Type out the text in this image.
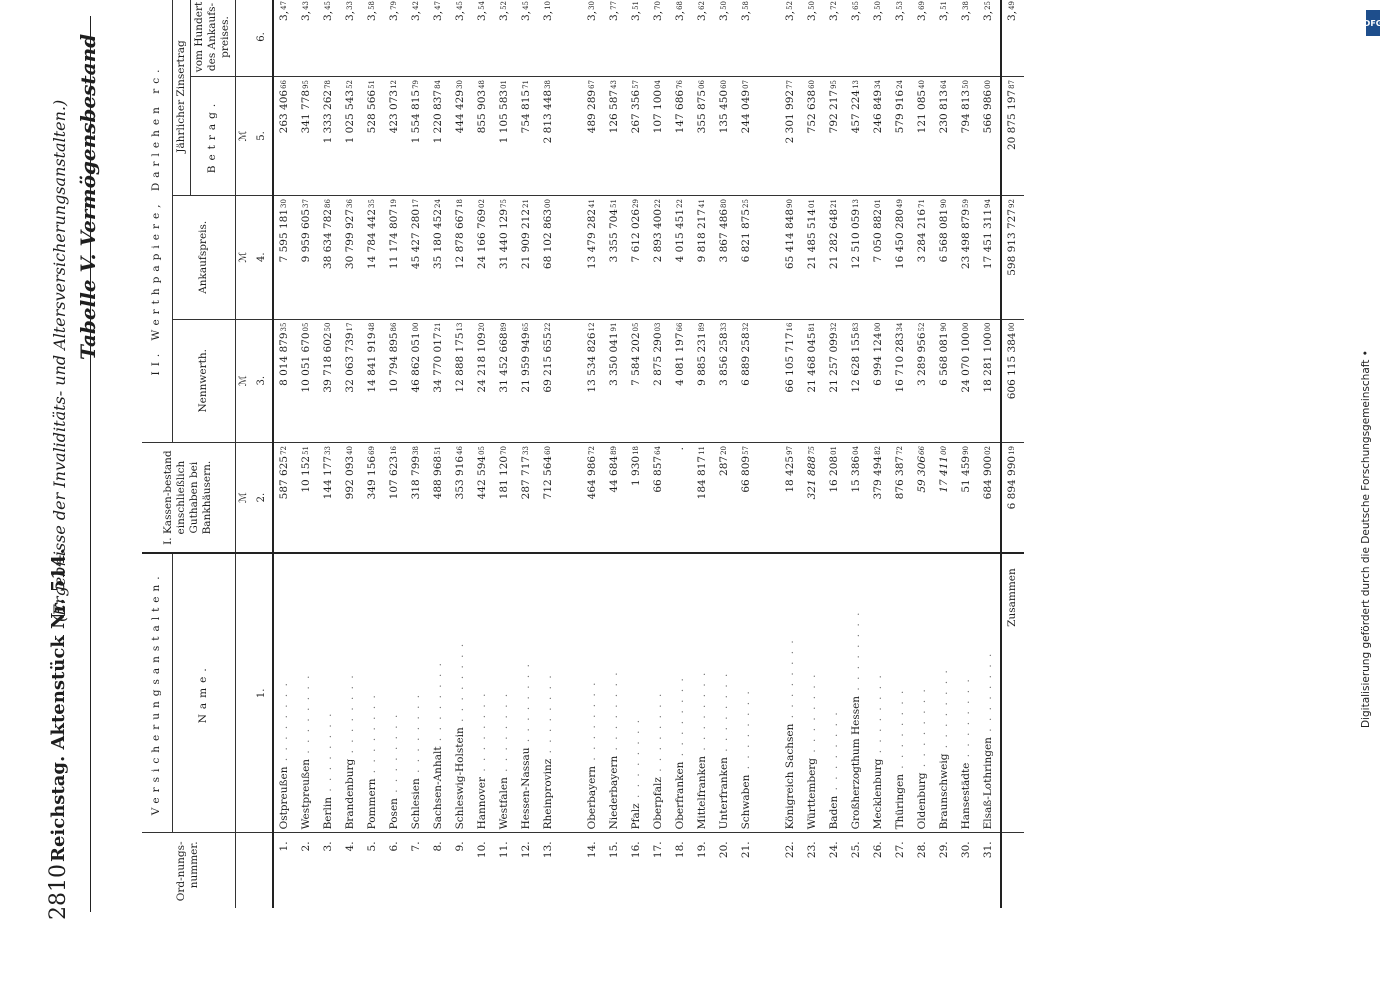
2810
Reichstag. Aktenstück Nr. 514.
(Ergebnisse der Invaliditäts- und Altersversicherungsanstalten.) Tabelle V. Vermögensbestand
Ord-nungs-nummer.	Versicherungsanstalten.	I. Kassen-bestand einschließlich Guthaben bei Bankhäusern.	II. Werthpapiere, Darlehen rc.			
	Name.		Nennwerth.	Ankaufspreis.	Jährlicher Zinsertrag	
					Betrag.	vom Hundert des Ankaufs-preises.
		ℳ	ℳ	ℳ	ℳ	
	1.	2.	3.	4.	5.	6.
1.	Ostpreußen . . . . . . . .	587 62572	8 014 87935	7 595 18130	263 40666	3,47
2.	Westpreußen . . . . . . . .	10 15251	10 051 67005	9 959 60537	341 77895	3,43
3.	Berlin . . . . . . . .	144 17733	39 718 60250	38 634 78286	1 333 26278	3,45
4.	Brandenburg . . . . . . . .	992 09340	32 063 73917	30 799 92736	1 025 54352	3,33
5.	Pommern . . . . . . . .	349 15669	14 841 91948	14 784 44235	528 56651	3,58
6.	Posen . . . . . . . .	107 62316	10 794 89586	11 174 80719	423 07312	3,79
7.	Schlesien . . . . . . . .	318 79938	46 862 05100	45 427 28017	1 554 81579	3,42
8.	Sachsen-Anhalt . . . . . . . .	488 96851	34 770 01721	35 180 45224	1 220 83784	3,47
9.	Schleswig-Holstein . . . . . . . .	353 91646	12 888 17513	12 878 66718	444 42930	3,45
10.	Hannover . . . . . . . .	442 59405	24 218 10920	24 166 76902	855 90348	3,54
11.	Westfalen . . . . . . . .	181 12070	31 452 66889	31 440 12975	1 105 58301	3,52
12.	Hessen-Nassau . . . . . . . .	287 71733	21 959 94965	21 909 21221	754 81571	3,45
13.	Rheinprovinz . . . . . . . .	712 56460	69 215 65522	68 102 86300	2 813 44838	3,10

14.	Oberbayern . . . . . . . .	464 98672	13 534 82612	13 479 28241	489 28967	3,30
15.	Niederbayern . . . . . . . .	44 68489	3 350 04191	3 355 70451	126 58743	3,77
16.	Pfalz . . . . . . . .	1 93018	7 584 20205	7 612 02629	267 35657	3,51
17.	Oberpfalz . . . . . . . .	66 85764	2 875 29003	2 893 40022	107 10004	3,70
18.	Oberfranken . . . . . . . .	.	4 081 19766	4 015 45122	147 68676	3,68
19.	Mittelfranken . . . . . . . .	184 81711	9 885 23189	9 818 21741	355 87506	3,62
20.	Unterfranken . . . . . . . .	28720	3 856 25833	3 867 48680	135 45060	3,50
21.	Schwaben . . . . . . . .	66 80957	6 889 25832	6 821 87525	244 04907	3,58

22.	Königreich Sachsen . . . . . . . .	18 42597	66 105 71716	65 414 84890	2 301 99277	3,52
23.	Württemberg . . . . . . . .	321 88875	21 468 04581	21 485 51401	752 63860	3,50
24.	Baden . . . . . . . .	16 20801	21 257 09932	21 282 64821	792 21795	3,72
25.	Großherzogthum Hessen . . . . . . . .	15 38604	12 628 15583	12 510 05913	457 22413	3,65
26.	Mecklenburg . . . . . . . .	379 49482	6 994 12400	7 050 88201	246 84934	3,50
27.	Thüringen . . . . . . . .	876 38772	16 710 28334	16 450 28049	579 91624	3,53
28.	Oldenburg . . . . . . . .	59 30666	3 289 95652	3 284 21671	121 08540	3,69
29.	Braunschweig . . . . . . . .	17 41100	6 568 08190	6 568 08190	230 81364	3,51
30.	Hansestädte . . . . . . . .	51 45990	24 070 10000	23 498 87959	794 81350	3,38
31.	Elsaß-Lothringen . . . . . . . .	684 90002	18 281 10000	17 451 31194	566 98600	3,25
	Zusammen	6 894 99019	606 115 38400	598 913 72792	20 875 19787	3,49
DFG
Digitalisierung gefördert durch die Deutsche Forschungsgemeinschaft •
